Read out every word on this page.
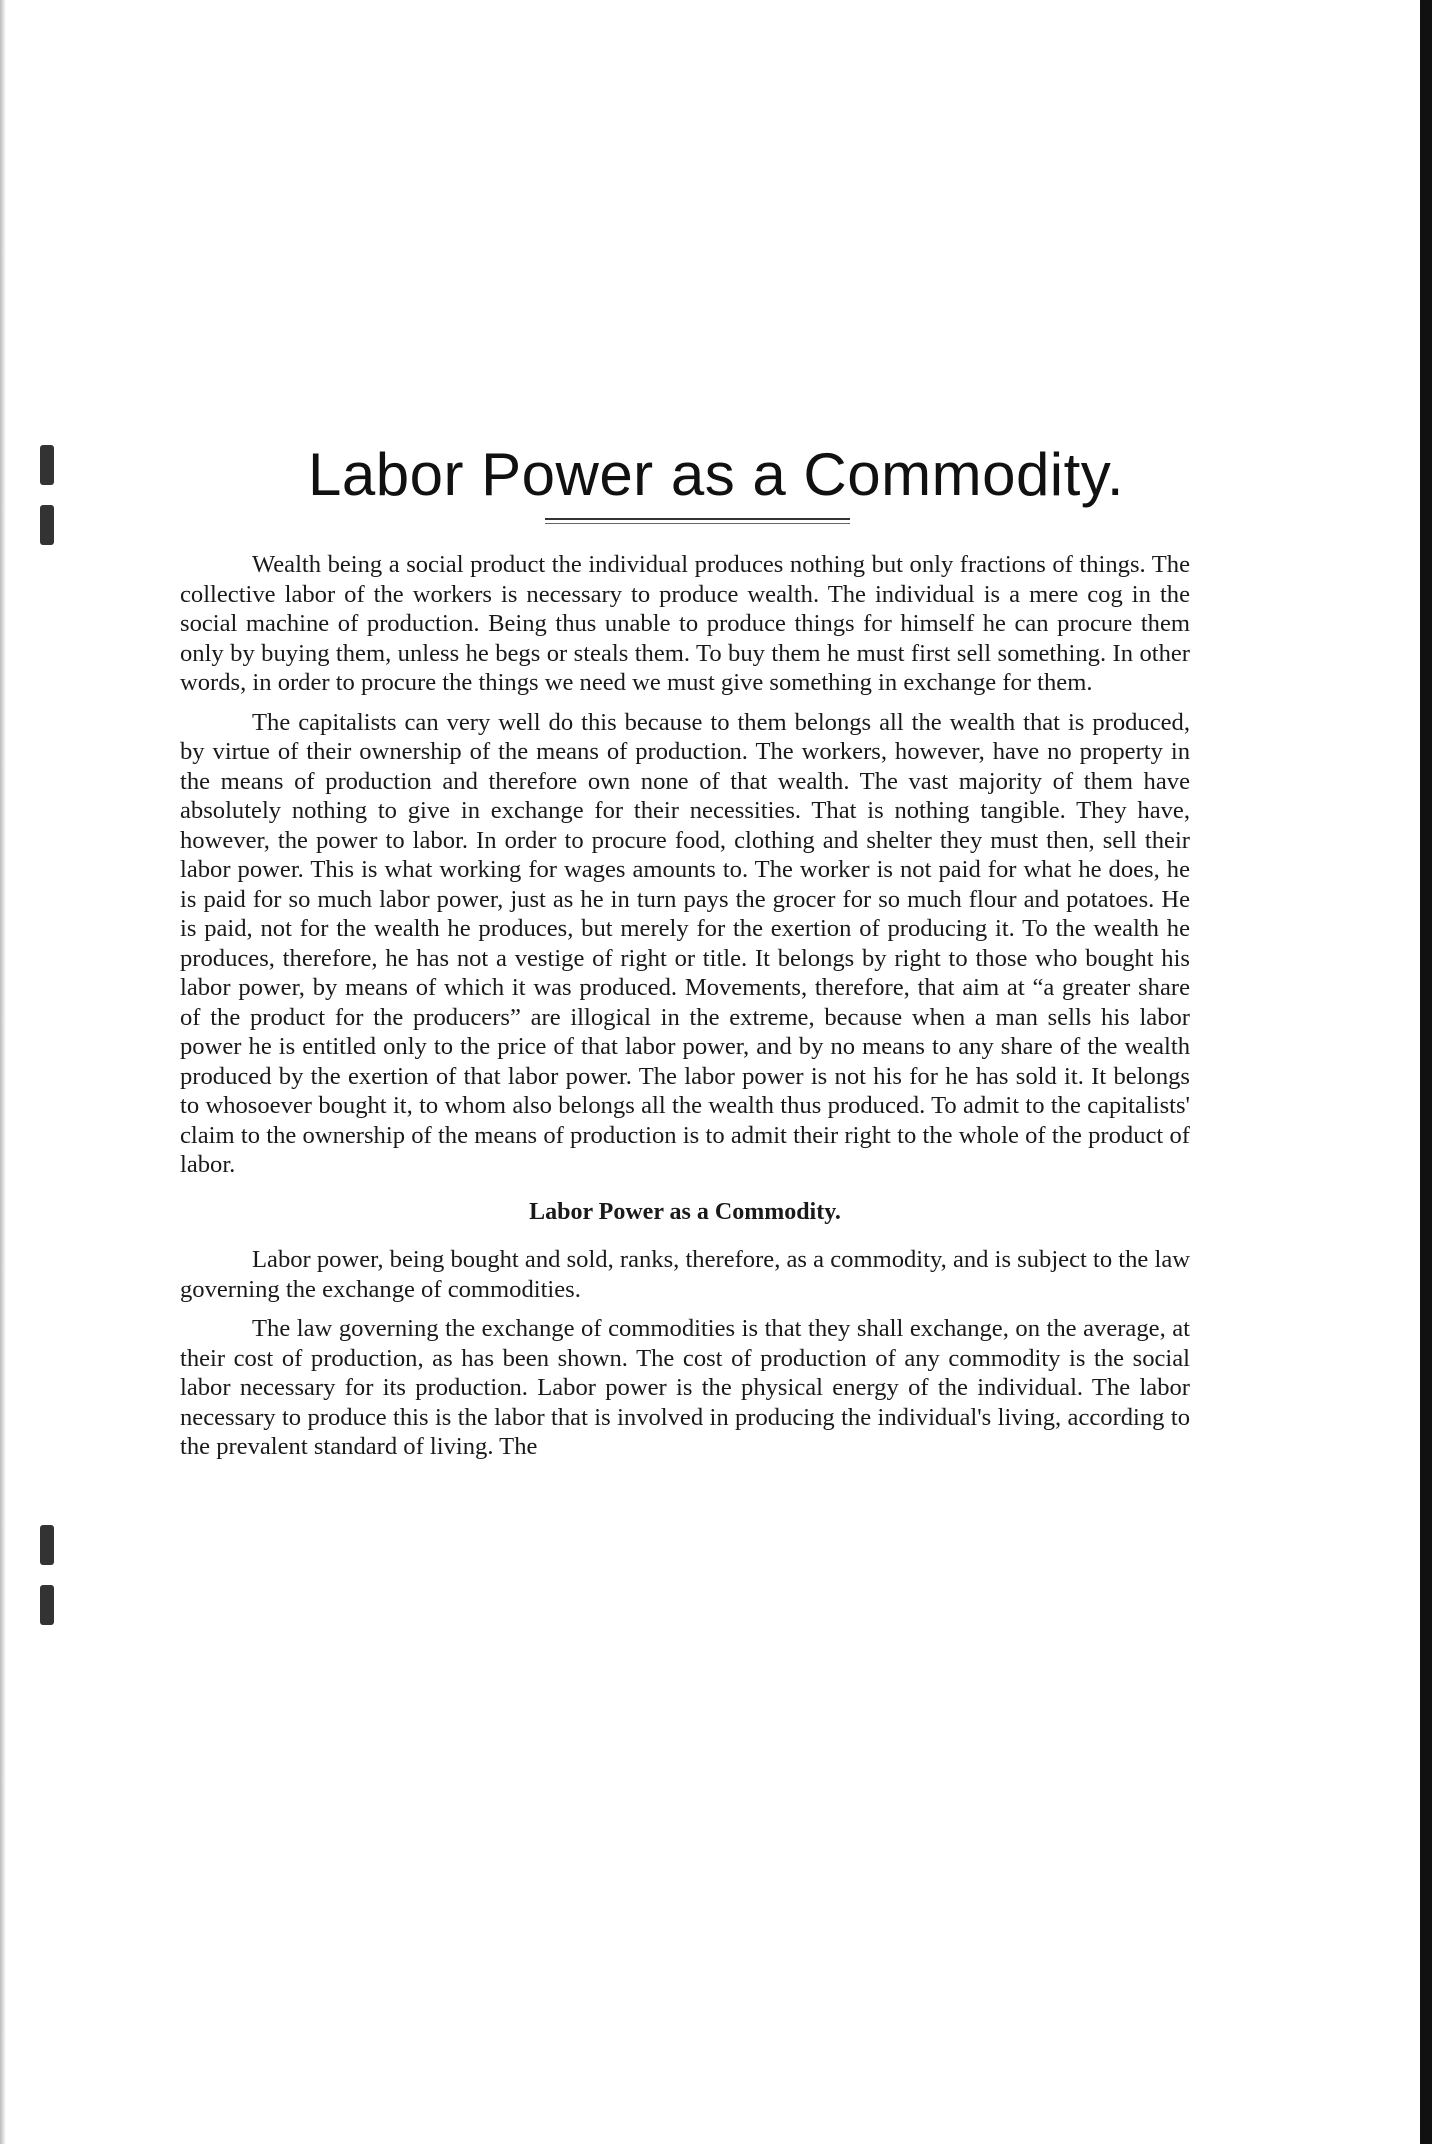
Labor Power as a Commodity.

Wealth being a social product the individual produces nothing but only fractions of things. The collective labor of the workers is necessary to produce wealth. The individual is a mere cog in the social machine of production. Being thus unable to produce things for himself he can procure them only by buying them, unless he begs or steals them. To buy them he must first sell something. In other words, in order to procure the things we need we must give something in exchange for them.

The capitalists can very well do this because to them belongs all the wealth that is produced, by virtue of their ownership of the means of production. The workers, however, have no property in the means of production and therefore own none of that wealth. The vast majority of them have absolutely nothing to give in exchange for their necessities. That is nothing tangible. They have, however, the power to labor. In order to procure food, clothing and shelter they must then, sell their labor power. This is what working for wages amounts to. The worker is not paid for what he does, he is paid for so much labor power, just as he in turn pays the grocer for so much flour and potatoes. He is paid, not for the wealth he produces, but merely for the exertion of producing it. To the wealth he produces, therefore, he has not a vestige of right or title. It belongs by right to those who bought his labor power, by means of which it was produced. Movements, therefore, that aim at “a greater share of the product for the producers” are illogical in the extreme, because when a man sells his labor power he is entitled only to the price of that labor power, and by no means to any share of the wealth produced by the exertion of that labor power. The labor power is not his for he has sold it. It belongs to whosoever bought it, to whom also belongs all the wealth thus produced. To admit to the capitalists' claim to the ownership of the means of production is to admit their right to the whole of the product of labor.

Labor Power as a Commodity.

Labor power, being bought and sold, ranks, therefore, as a commodity, and is subject to the law governing the exchange of commodities.

The law governing the exchange of commodities is that they shall exchange, on the average, at their cost of production, as has been shown. The cost of production of any commodity is the social labor necessary for its production. Labor power is the physical energy of the individual. The labor necessary to produce this is the labor that is involved in producing the individual's living, according to the prevalent standard of living. The
